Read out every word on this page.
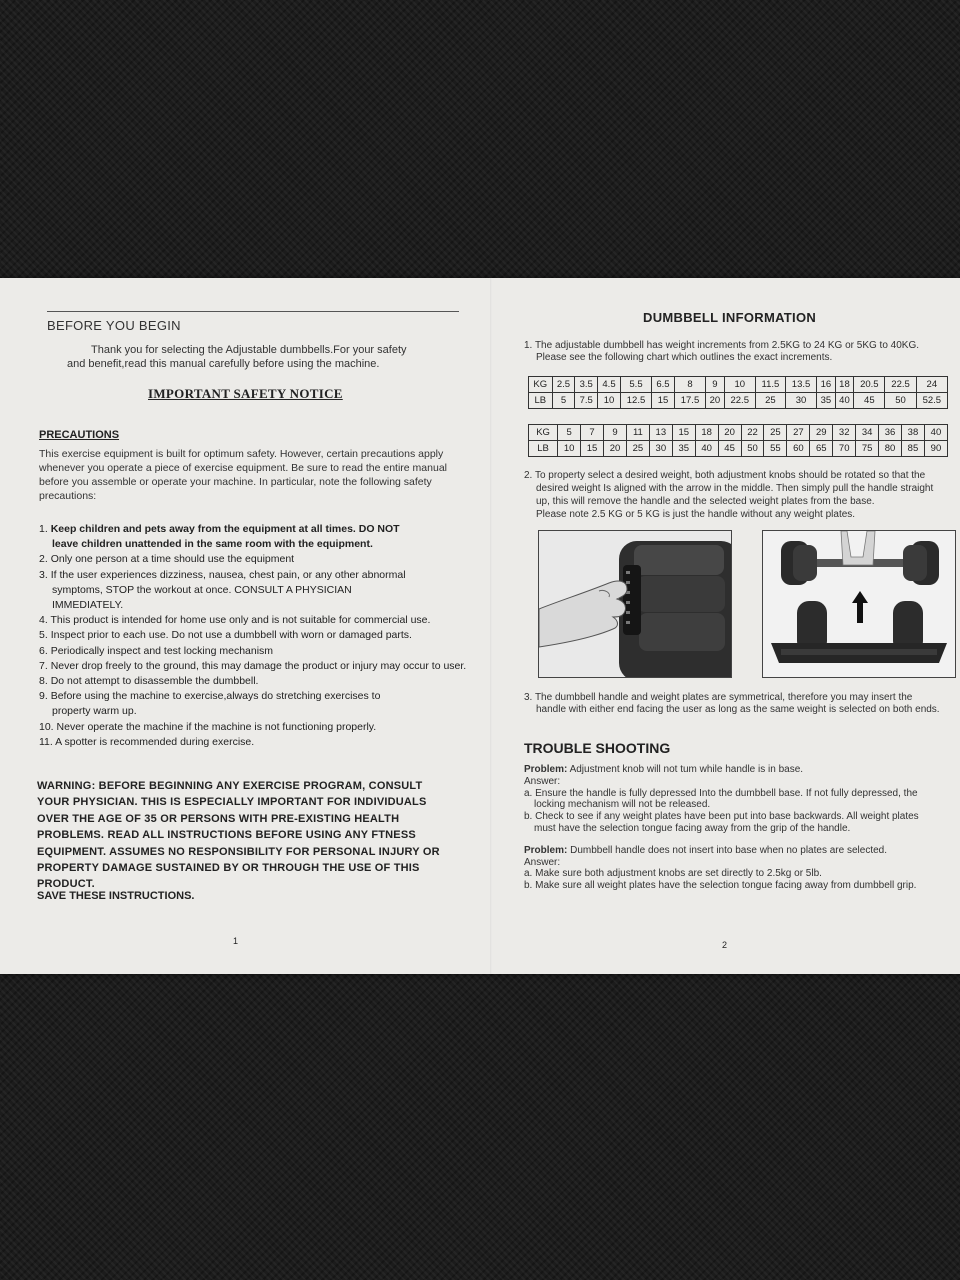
BEFORE YOU BEGIN
Thank you for selecting the Adjustable dumbbells.For your safety
and benefit,read this manual carefully before using the machine.
IMPORTANT SAFETY NOTICE
PRECAUTIONS
This exercise equipment is built for optimum safety. However, certain precautions apply whenever you operate a piece of exercise equipment. Be sure to read the entire manual before you assemble or operate your machine. In particular, note the following safety precautions:
1. Keep children and pets away from the equipment at all times. DO NOT
leave children unattended in the same room with the equipment.
2. Only one person at a time should use the equipment
3. If the user experiences dizziness, nausea, chest pain, or any other abnormal
symptoms, STOP the workout at once. CONSULT A PHYSICIAN
IMMEDIATELY.
4. This product is intended for home use only and is not suitable for commercial use.
5. Inspect prior to each use. Do not use a dumbbell with worn or damaged parts.
6. Periodically inspect and test locking mechanism
7. Never drop freely to the ground, this may damage the product or injury may occur to user.
8. Do not attempt to disassemble the dumbbell.
9. Before using the machine to exercise,always do stretching exercises to
property warm up.
10. Never operate the machine if the machine is not functioning properly.
11. A spotter is recommended during exercise.
WARNING: BEFORE BEGINNING ANY EXERCISE PROGRAM, CONSULT YOUR PHYSICIAN. THIS IS ESPECIALLY IMPORTANT FOR INDIVIDUALS OVER THE AGE OF 35 OR PERSONS WITH PRE-EXISTING HEALTH PROBLEMS. READ ALL INSTRUCTIONS BEFORE USING ANY FTNESS EQUIPMENT. ASSUMES NO RESPONSIBILITY FOR PERSONAL INJURY OR PROPERTY DAMAGE SUSTAINED BY OR THROUGH THE USE OF THIS PRODUCT.
SAVE THESE INSTRUCTIONS.
1
DUMBBELL INFORMATION
1. The adjustable dumbbell has weight increments from 2.5KG to 24 KG or 5KG to 40KG.
Please see the following chart which outlines the exact increments.
KG	2.5	3.5	4.5	5.5	6.5	8	9	10	11.5	13.5	16	18	20.5	22.5	24
LB	5	7.5	10	12.5	15	17.5	20	22.5	25	30	35	40	45	50	52.5
KG	5	7	9	11	13	15	18	20	22	25	27	29	32	34	36	38	40
LB	10	15	20	25	30	35	40	45	50	55	60	65	70	75	80	85	90
2. To property select a desired weight, both adjustment knobs should be rotated so that the
desired weight Is aligned with the arrow in the middle. Then simply pull the handle straight
up, this will remove the handle and the selected weight plates from the base.
Please note 2.5 KG or 5 KG is just the handle without any weight plates.
3. The dumbbell handle and weight plates are symmetrical, therefore you may insert the
handle with either end facing the user as long as the same weight is selected on both ends.
TROUBLE SHOOTING
Problem: Adjustment knob will not tum while handle is in base.
Answer:
a. Ensure the handle is fully depressed Into the dumbbell base. If not fully depressed, the
locking mechanism will not be released.
b. Check to see if any weight plates have been put into base backwards. All weight plates
must have the selection tongue facing away from the grip of the handle.
Problem: Dumbbell handle does not insert into base when no plates are selected.
Answer:
a. Make sure both adjustment knobs are set directly to 2.5kg or 5lb.
b. Make sure all weight plates have the selection tongue facing away from dumbbell grip.
2
